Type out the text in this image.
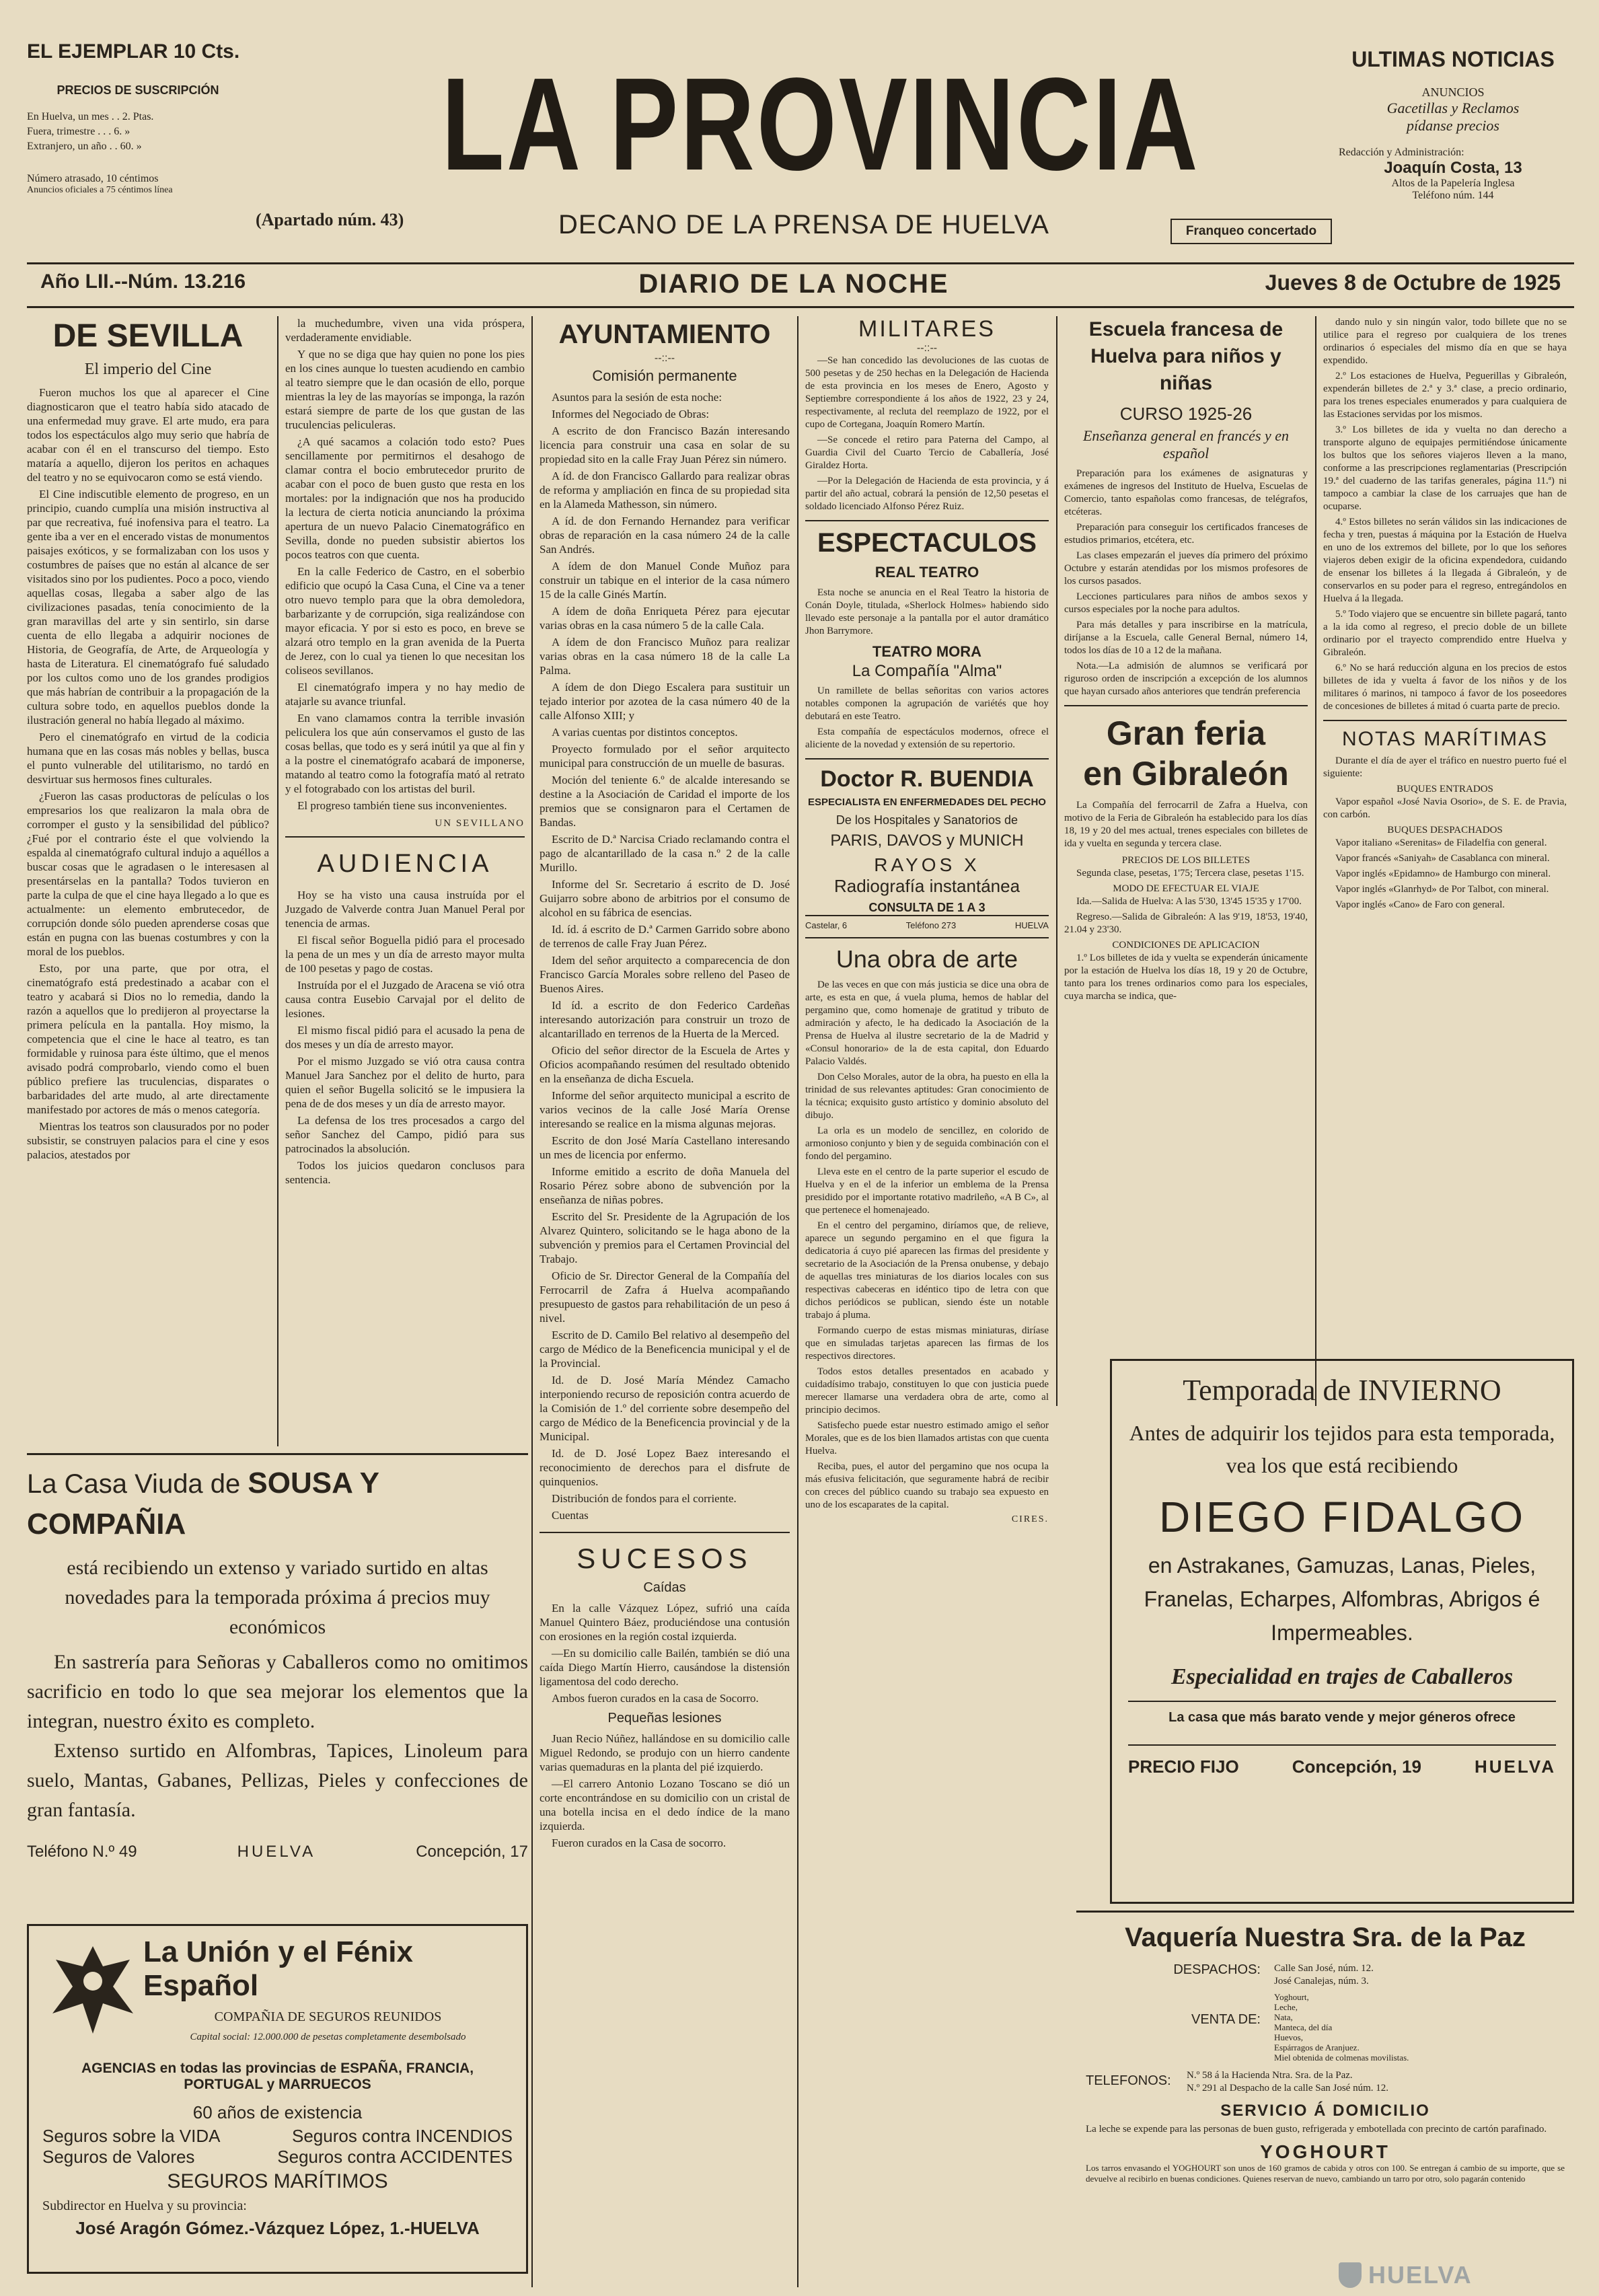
EL EJEMPLAR 10 Cts.
PRECIOS DE SUSCRIPCIÓN
En Huelva, un mes . . 2. Ptas.
Fuera, trimestre . . . 6. »
Extranjero, un año . . 60. »
Número atrasado, 10 céntimos
Anuncios oficiales a 75 céntimos línea	LA PROVINCIA
(Apartado núm. 43)	DECANO DE LA PRENSA DE HUELVA	Franqueo concertado
ULTIMAS NOTICIAS
ANUNCIOS
Gacetillas y Reclamos
pídanse precios
Redacción y Administración:
Joaquín Costa, 13
Altos de la Papelería Inglesa
Teléfono núm. 144
Año LII.--Núm. 13.216	DIARIO DE LA NOCHE	Jueves 8 de Octubre de 1925
DE SEVILLA
El imperio del Cine

Fueron muchos los que al aparecer el Cine diagnosticaron que el teatro había sido atacado de una enfermedad muy grave. El arte mudo, era para todos los espectáculos algo muy serio que habría de acabar con él en el transcurso del tiempo. Esto mataría a aquello, dijeron los peritos en achaques del teatro y no se equivocaron como se está viendo.

El Cine indiscutible elemento de progreso, en un principio, cuando cumplía una misión instructiva al par que recreativa, fué inofensiva para el teatro. La gente iba a ver en el encerado vistas de monumentos paisajes exóticos, y se formalizaban con los usos y costumbres de países que no están al alcance de ser visitados sino por los pudientes. Poco a poco, viendo aquellas cosas, llegaba a saber algo de las civilizaciones pasadas, tenía conocimiento de la gran maravillas del arte y sin sentirlo, sin darse cuenta de ello llegaba a adquirir nociones de Historia, de Geografía, de Arte, de Arqueología y hasta de Literatura. El cinematógrafo fué saludado por los cultos como uno de los grandes prodigios que más habrían de contribuir a la propagación de la cultura sobre todo, en aquellos pueblos donde la ilustración general no había llegado al máximo.

Pero el cinematógrafo en virtud de la codicia humana que en las cosas más nobles y bellas, busca el punto vulnerable del utilitarismo, no tardó en desvirtuar sus hermosos fines culturales.

¿Fueron las casas productoras de películas o los empresarios los que realizaron la mala obra de corromper el gusto y la sensibilidad del público? ¿Fué por el contrario éste el que volviendo la espalda al cinematógrafo cultural indujo a aquéllos a buscar cosas que le agradasen o le interesasen al presentárselas en la pantalla? Todos tuvieron en parte la culpa de que el cine haya llegado a lo que es actualmente: un elemento embrutecedor, de corrupción donde sólo pueden aprenderse cosas que están en pugna con las buenas costumbres y con la moral de los pueblos.

Esto, por una parte, que por otra, el cinematógrafo está predestinado a acabar con el teatro y acabará si Dios no lo remedia, dando la razón a aquellos que lo predijeron al proyectarse la primera película en la pantalla. Hoy mismo, la competencia que el cine le hace al teatro, es tan formidable y ruinosa para éste último, que el menos avisado podrá comprobarlo, viendo como el buen público prefiere las truculencias, disparates o barbaridades del arte mudo, al arte directamente manifestado por actores de más o menos categoría.

Mientras los teatros son clausurados por no poder subsistir, se construyen palacios para el cine y esos palacios, atestados por

la muchedumbre, viven una vida próspera, verdaderamente envidiable.

Y que no se diga que hay quien no pone los pies en los cines aunque lo tuesten acudiendo en cambio al teatro siempre que le dan ocasión de ello, porque mientras la ley de las mayorías se imponga, la razón estará siempre de parte de los que gustan de las truculencias peliculeras.

¿A qué sacamos a colación todo esto? Pues sencillamente por permitirnos el desahogo de clamar contra el bocio embrutecedor prurito de acabar con el poco de buen gusto que resta en los mortales: por la indignación que nos ha producido la lectura de cierta noticia anunciando la próxima apertura de un nuevo Palacio Cinematográfico en Sevilla, donde no pueden subsistir abiertos los pocos teatros con que cuenta.

En la calle Federico de Castro, en el soberbio edificio que ocupó la Casa Cuna, el Cine va a tener otro nuevo templo para que la obra demoledora, barbarizante y de corrupción, siga realizándose con mayor eficacia. Y por si esto es poco, en breve se alzará otro templo en la gran avenida de la Puerta de Jerez, con lo cual ya tienen lo que necesitan los coliseos sevillanos.

El cinematógrafo impera y no hay medio de atajarle su avance triunfal.

En vano clamamos contra la terrible invasión peliculera los que aún conservamos el gusto de las cosas bellas, que todo es y será inútil ya que al fin y a la postre el cinematógrafo acabará de imponerse, matando al teatro como la fotografía mató al retrato y el fotograbado con los artistas del buril.

El progreso también tiene sus inconvenientes.

UN SEVILLANO
AUDIENCIA

Hoy se ha visto una causa instruída por el Juzgado de Valverde contra Juan Manuel Peral por tenencia de armas.

El fiscal señor Boguella pidió para el procesado la pena de un mes y un día de arresto mayor multa de 100 pesetas y pago de costas.

Instruída por el el Juzgado de Aracena se vió otra causa contra Eusebio Carvajal por el delito de lesiones.

El mismo fiscal pidió para el acusado la pena de dos meses y un día de arresto mayor.

Por el mismo Juzgado se vió otra causa contra Manuel Jara Sanchez por el delito de hurto, para quien el señor Bugella solicitó se le impusiera la pena de de dos meses y un día de arresto mayor.

La defensa de los tres procesados a cargo del señor Sanchez del Campo, pidió para sus patrocinados la absolución.

Todos los juicios quedaron conclusos para sentencia.

La Casa Viuda de SOUSA Y COMPAÑIA
está recibiendo un extenso y variado surtido en altas novedades para la temporada próxima á precios muy económicos
En sastrería para Señoras y Caballeros como no omitimos sacrificio en todo lo que sea mejorar los elementos que la integran, nuestro éxito es completo.
Extenso surtido en Alfombras, Tapices, Linoleum para suelo, Mantas, Gabanes, Pellizas, Pieles y confecciones de gran fantasía.
Teléfono N.º 49	HUELVA	Concepción, 17
La Unión y el Fénix Español
COMPAÑIA DE SEGUROS REUNIDOS
Capital social: 12.000.000 de pesetas completamente desembolsado
AGENCIAS en todas las provincias de ESPAÑA, FRANCIA, PORTUGAL y MARRUECOS
60 años de existencia
Seguros sobre la VIDA	Seguros contra INCENDIOS
Seguros de Valores	Seguros contra ACCIDENTES
SEGUROS MARÍTIMOS
Subdirector en Huelva y su provincia:
José Aragón Gómez.-Vázquez López, 1.-HUELVA
AYUNTAMIENTO
--::--
Comisión permanente

Asuntos para la sesión de esta noche:

Informes del Negociado de Obras:

A escrito de don Francisco Bazán interesando licencia para construir una casa en solar de su propiedad sito en la calle Fray Juan Pérez sin número.

A íd. de don Francisco Gallardo para realizar obras de reforma y ampliación en finca de su propiedad sita en la Alameda Mathesson, sin número.

A íd. de don Fernando Hernandez para verificar obras de reparación en la casa número 24 de la calle San Andrés.

A ídem de don Manuel Conde Muñoz para construir un tabique en el interior de la casa número 15 de la calle Ginés Martín.

A ídem de doña Enriqueta Pérez para ejecutar varias obras en la casa número 5 de la calle Cala.

A ídem de don Francisco Muñoz para realizar varias obras en la casa número 18 de la calle La Palma.

A ídem de don Diego Escalera para sustituir un tejado interior por azotea de la casa número 40 de la calle Alfonso XIII; y

A varias cuentas por distintos conceptos.

Proyecto formulado por el señor arquitecto municipal para construcción de un muelle de basuras.

Moción del teniente 6.º de alcalde interesando se destine a la Asociación de Caridad el importe de los premios que se consignaron para el Certamen de Bandas.

Escrito de D.ª Narcisa Criado reclamando contra el pago de alcantarillado de la casa n.º 2 de la calle Murillo.

Informe del Sr. Secretario á escrito de D. José Guijarro sobre abono de arbitrios por el consumo de alcohol en su fábrica de esencias.

Id. íd. á escrito de D.ª Carmen Garrido sobre abono de terrenos de calle Fray Juan Pérez.

Idem del señor arquitecto a comparecencia de don Francisco García Morales sobre relleno del Paseo de Buenos Aires.

Id íd. a escrito de don Federico Cardeñas interesando autorización para construir un trozo de alcantarillado en terrenos de la Huerta de la Merced.

Oficio del señor director de la Escuela de Artes y Oficios acompañando resúmen del resultado obtenido en la enseñanza de dicha Escuela.

Informe del señor arquitecto municipal a escrito de varios vecinos de la calle José María Orense interesando se realice en la misma algunas mejoras.

Escrito de don José María Castellano interesando un mes de licencia por enfermo.

Informe emitido a escrito de doña Manuela del Rosario Pérez sobre abono de subvención por la enseñanza de niñas pobres.

Escrito del Sr. Presidente de la Agrupación de los Alvarez Quintero, solicitando se le haga abono de la subvención y premios para el Certamen Provincial del Trabajo.

Oficio de Sr. Director General de la Compañía del Ferrocarril de Zafra á Huelva acompañando presupuesto de gastos para rehabilitación de un peso á nivel.

Escrito de D. Camilo Bel relativo al desempeño del cargo de Médico de la Beneficencia municipal y el de la Provincial.

Id. de D. José María Méndez Camacho interponiendo recurso de reposición contra acuerdo de la Comisión de 1.º del corriente sobre desempeño del cargo de Médico de la Beneficencia provincial y de la Municipal.

Id. de D. José Lopez Baez interesando el reconocimiento de derechos para el disfrute de quinquenios.

Distribución de fondos para el corriente.

Cuentas

SUCESOS
Caídas

En la calle Vázquez López, sufrió una caída Manuel Quintero Báez, produciéndose una contusión con erosiones en la región costal izquierda.

—En su domicilio calle Bailén, también se dió una caída Diego Martín Hierro, causándose la distensión ligamentosa del codo derecho.

Ambos fueron curados en la casa de Socorro.

Pequeñas lesiones

Juan Recio Núñez, hallándose en su domicilio calle Miguel Redondo, se produjo con un hierro candente varias quemaduras en la planta del pié izquierdo.

—El carrero Antonio Lozano Toscano se dió un corte encontrándose en su domicilio con un cristal de una botella incisa en el dedo índice de la mano izquierda.

Fueron curados en la Casa de socorro.

MILITARES
--::--

—Se han concedido las devoluciones de las cuotas de 500 pesetas y de 250 hechas en la Delegación de Hacienda de esta provincia en los meses de Enero, Agosto y Septiembre correspondiente á los años de 1922, 23 y 24, respectivamente, al recluta del reemplazo de 1922, por el cupo de Cortegana, Joaquín Romero Martín.

—Se concede el retiro para Paterna del Campo, al Guardia Civil del Cuarto Tercio de Caballería, José Giraldez Horta.

—Por la Delegación de Hacienda de esta provincia, y á partir del año actual, cobrará la pensión de 12,50 pesetas el soldado licenciado Alfonso Pérez Ruiz.

ESPECTACULOS
REAL TEATRO

Esta noche se anuncia en el Real Teatro la historia de Conán Doyle, titulada, «Sherlock Holmes» habiendo sido llevado este personaje a la pantalla por el autor dramático Jhon Barrymore.

TEATRO MORA
La Compañía "Alma"

Un ramillete de bellas señoritas con varios actores notables componen la agrupación de variétés que hoy debutará en este Teatro.

Esta compañía de espectáculos modernos, ofrece el aliciente de la novedad y extensión de su repertorio.

Doctor R. BUENDIA
ESPECIALISTA EN ENFERMEDADES DEL PECHO
De los Hospitales y Sanatorios de
PARIS, DAVOS y MUNICH
RAYOS X
Radiografía instantánea
CONSULTA DE 1 A 3
Castelar, 6	Teléfono 273	HUELVA
Una obra de arte

De las veces en que con más justicia se dice una obra de arte, es esta en que, á vuela pluma, hemos de hablar del pergamino que, como homenaje de gratitud y tributo de admiración y afecto, le ha dedicado la Asociación de la Prensa de Huelva al ilustre secretario de la de Madrid y «Consul honorario» de la de esta capital, don Eduardo Palacio Valdés.

Don Celso Morales, autor de la obra, ha puesto en ella la trinidad de sus relevantes aptitudes: Gran conocimiento de la técnica; exquisito gusto artístico y dominio absoluto del dibujo.

La orla es un modelo de sencillez, en colorido de armonioso conjunto y bien y de seguida combinación con el fondo del pergamino.

Lleva este en el centro de la parte superior el escudo de Huelva y en el de la inferior un emblema de la Prensa presidido por el importante rotativo madrileño, «A B C», al que pertenece el homenajeado.

En el centro del pergamino, diríamos que, de relieve, aparece un segundo pergamino en el que figura la dedicatoria á cuyo pié aparecen las firmas del presidente y secretario de la Asociación de la Prensa onubense, y debajo de aquellas tres miniaturas de los diarios locales con sus respectivas cabeceras en idéntico tipo de letra con que dichos periódicos se publican, siendo éste un notable trabajo á pluma.

Formando cuerpo de estas mismas miniaturas, diríase que en simuladas tarjetas aparecen las firmas de los respectivos directores.

Todos estos detalles presentados en acabado y cuidadísimo trabajo, constituyen lo que con justicia puede merecer llamarse una verdadera obra de arte, como al principio decimos.

Satisfecho puede estar nuestro estimado amigo el señor Morales, que es de los bien llamados artistas con que cuenta Huelva.

Reciba, pues, el autor del pergamino que nos ocupa la más efusiva felicitación, que seguramente habrá de recibir con creces del público cuando su trabajo sea expuesto en uno de los escaparates de la capital.

CIRES.
Escuela francesa de Huelva para niños y niñas
CURSO 1925-26
Enseñanza general en francés y en español

Preparación para los exámenes de asignaturas y exámenes de ingresos del Instituto de Huelva, Escuelas de Comercio, tanto españolas como francesas, de telégrafos, etcéteras.

Preparación para conseguir los certificados franceses de estudios primarios, etcétera, etc.

Las clases empezarán el jueves día primero del próximo Octubre y estarán atendidas por los mismos profesores de los cursos pasados.

Lecciones particulares para niños de ambos sexos y cursos especiales por la noche para adultos.

Para más detalles y para inscribirse en la matrícula, diríjanse a la Escuela, calle General Bernal, número 14, todos los días de 10 a 12 de la mañana.

Nota.—La admisión de alumnos se verificará por riguroso orden de inscripción a excepción de los alumnos que hayan cursado años anteriores que tendrán preferencia

Gran feria
en Gibraleón

La Compañía del ferrocarril de Zafra a Huelva, con motivo de la Feria de Gibraleón ha establecido para los días 18, 19 y 20 del mes actual, trenes especiales con billetes de ida y vuelta en segunda y tercera clase.

PRECIOS DE LOS BILLETES

Segunda clase, pesetas, 1'75; Tercera clase, pesetas 1'15.

MODO DE EFECTUAR EL VIAJE

Ida.—Salida de Huelva: A las 5'30, 13'45 15'35 y 17'00.

Regreso.—Salida de Gibraleón: A las 9'19, 18'53, 19'40, 21.04 y 23'30.

CONDICIONES DE APLICACION

1.º Los billetes de ida y vuelta se expenderán únicamente por la estación de Huelva los días 18, 19 y 20 de Octubre, tanto para los trenes ordinarios como para los especiales, cuya marcha se indica, que-

dando nulo y sin ningún valor, todo billete que no se utilice para el regreso por cualquiera de los trenes ordinarios ó especiales del mismo día en que se haya expendido.

2.º Los estaciones de Huelva, Peguerillas y Gibraleón, expenderán billetes de 2.ª y 3.ª clase, a precio ordinario, para los trenes especiales enumerados y para cualquiera de las Estaciones servidas por los mismos.

3.º Los billetes de ida y vuelta no dan derecho a transporte alguno de equipajes permitiéndose únicamente los bultos que los señores viajeros lleven a la mano, conforme a las prescripciones reglamentarias (Prescripción 19.ª del cuaderno de las tarifas generales, página 11.ª) ni tampoco a cambiar la clase de los carruajes que han de ocuparse.

4.º Estos billetes no serán válidos sin las indicaciones de fecha y tren, puestas á máquina por la Estación de Huelva en uno de los extremos del billete, por lo que los señores viajeros deben exigir de la oficina expendedora, cuidando de ensenar los billetes á la llegada á Gibraleón, y de conservarlos en su poder para el regreso, entregándolos en Huelva á la llegada.

5.º Todo viajero que se encuentre sin billete pagará, tanto a la ida como al regreso, el precio doble de un billete ordinario por el trayecto comprendido entre Huelva y Gibraleón.

6.º No se hará reducción alguna en los precios de estos billetes de ida y vuelta á favor de los niños y de los militares ó marinos, ni tampoco á favor de los poseedores de concesiones de billetes á mitad ó cuarta parte de precio.

NOTAS MARÍTIMAS

Durante el día de ayer el tráfico en nuestro puerto fué el siguiente:

BUQUES ENTRADOS

Vapor español «José Navia Osorio», de S. E. de Pravia, con carbón.

BUQUES DESPACHADOS

Vapor italiano «Serenitas» de Filadelfia con general.

Vapor francés «Saniyah» de Casablanca con mineral.

Vapor inglés «Epidamno» de Hamburgo con mineral.

Vapor inglés «Glanrhyd» de Por Talbot, con mineral.

Vapor inglés «Cano» de Faro con general.

Temporada de INVIERNO
Antes de adquirir los tejidos para esta temporada, vea los que está recibiendo
DIEGO FIDALGO
en Astrakanes, Gamuzas, Lanas, Pieles, Franelas, Echarpes, Alfombras, Abrigos é Impermeables.
Especialidad en trajes de Caballeros
La casa que más barato vende y mejor géneros ofrece
PRECIO FIJO	Concepción, 19	HUELVA
Vaquería Nuestra Sra. de la Paz
DESPACHOS:	Calle San José, núm. 12.
José Canalejas, núm. 3.
VENTA DE:
Yoghourt,
Leche,
Nata,
Manteca, del día
Huevos,
Espárragos de Aranjuez.
Miel obtenida de colmenas movilistas.
TELEFONOS:	N.º 58 á la Hacienda Ntra. Sra. de la Paz.
N.º 291 al Despacho de la calle San José núm. 12.
SERVICIO Á DOMICILIO
La leche se expende para las personas de buen gusto, refrigerada y embotellada con precinto de cartón parafinado.
YOGHOURT
Los tarros envasando el YOGHOURT son unos de 160 gramos de cabida y otros con 100. Se entregan á cambio de su importe, que se devuelve al recibirlo en buenas condiciones. Quienes reservan de nuevo, cambiando un tarro por otro, solo pagarán contenido
HUELVA
